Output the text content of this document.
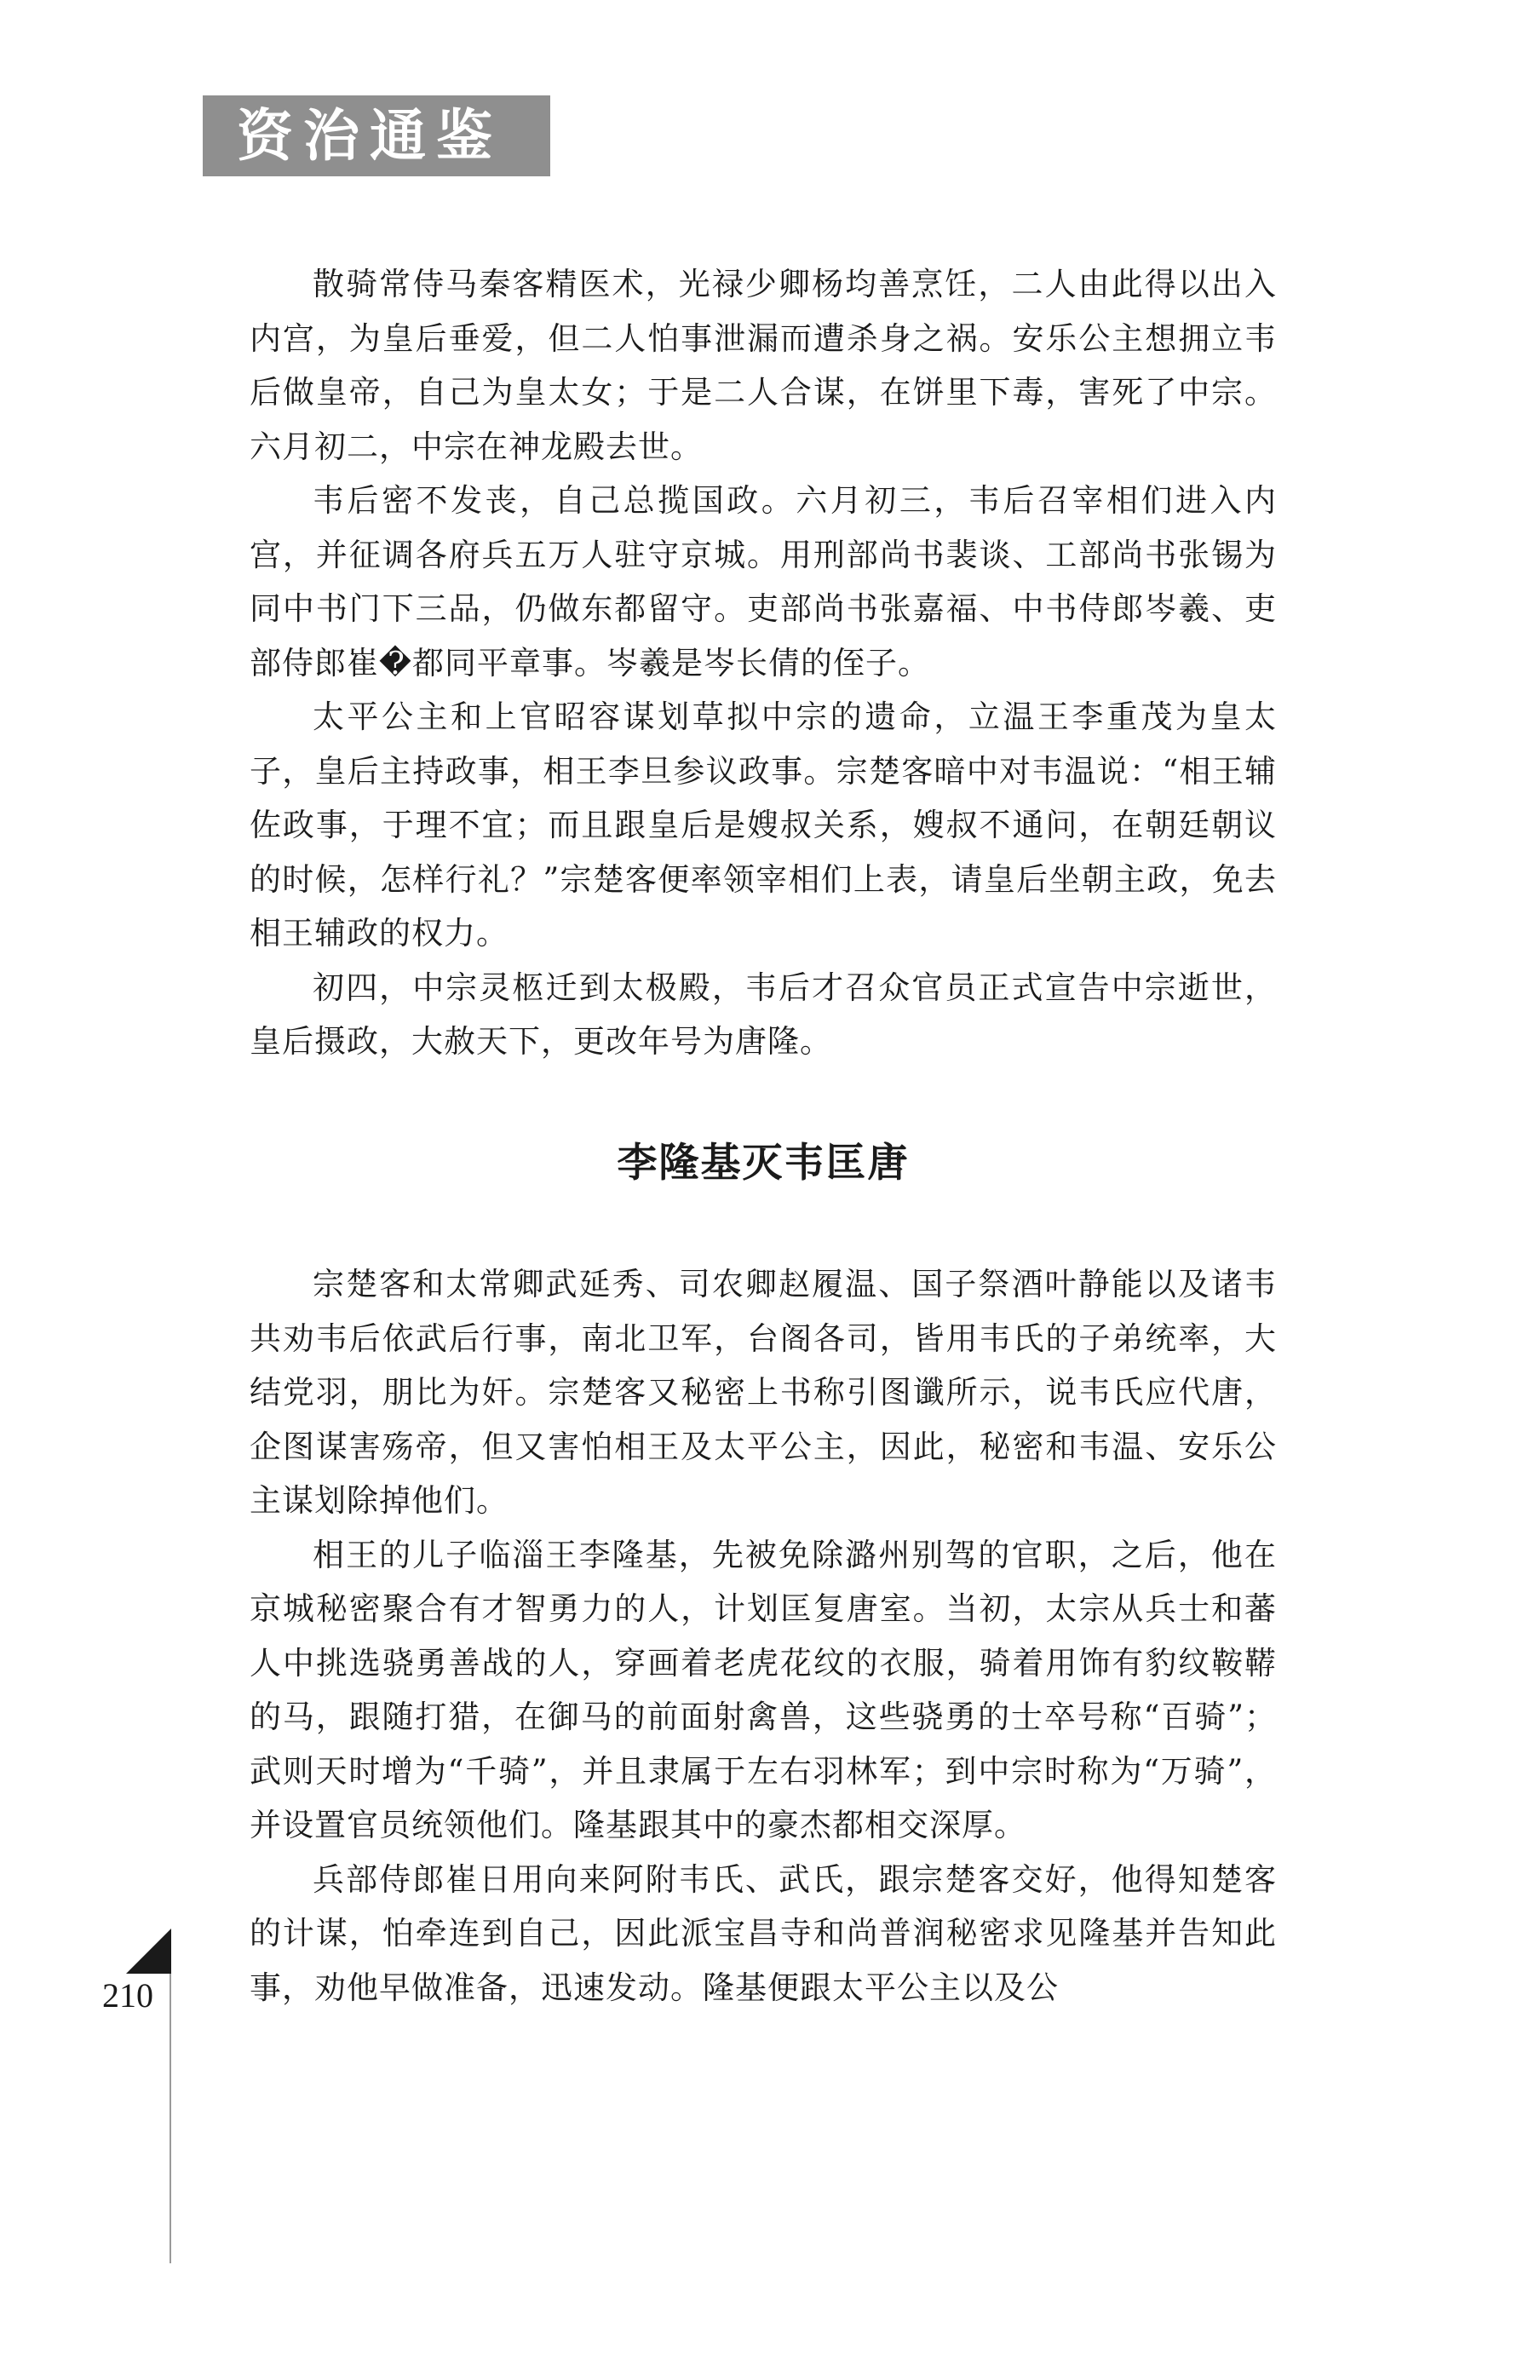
资治通鉴

散骑常侍马秦客精医术，光禄少卿杨均善烹饪，二人由此得以出入内宫，为皇后垂爱，但二人怕事泄漏而遭杀身之祸。安乐公主想拥立韦后做皇帝，自己为皇太女；于是二人合谋，在饼里下毒，害死了中宗。六月初二，中宗在神龙殿去世。

韦后密不发丧，自己总揽国政。六月初三，韦后召宰相们进入内宫，并征调各府兵五万人驻守京城。用刑部尚书裴谈、工部尚书张锡为同中书门下三品，仍做东都留守。吏部尚书张嘉福、中书侍郎岑羲、吏部侍郎崔�都同平章事。岑羲是岑长倩的侄子。

太平公主和上官昭容谋划草拟中宗的遗命，立温王李重茂为皇太子，皇后主持政事，相王李旦参议政事。宗楚客暗中对韦温说：“相王辅佐政事，于理不宜；而且跟皇后是嫂叔关系，嫂叔不通问，在朝廷朝议的时候，怎样行礼？”宗楚客便率领宰相们上表，请皇后坐朝主政，免去相王辅政的权力。

初四，中宗灵柩迁到太极殿，韦后才召众官员正式宣告中宗逝世，皇后摄政，大赦天下，更改年号为唐隆。

李隆基灭韦匡唐

宗楚客和太常卿武延秀、司农卿赵履温、国子祭酒叶静能以及诸韦共劝韦后依武后行事，南北卫军，台阁各司，皆用韦氏的子弟统率，大结党羽，朋比为奸。宗楚客又秘密上书称引图谶所示，说韦氏应代唐，企图谋害殇帝，但又害怕相王及太平公主，因此，秘密和韦温、安乐公主谋划除掉他们。

相王的儿子临淄王李隆基，先被免除潞州别驾的官职，之后，他在京城秘密聚合有才智勇力的人，计划匡复唐室。当初，太宗从兵士和蕃人中挑选骁勇善战的人，穿画着老虎花纹的衣服，骑着用饰有豹纹鞍鞯的马，跟随打猎，在御马的前面射禽兽，这些骁勇的士卒号称“百骑”；武则天时增为“千骑”，并且隶属于左右羽林军；到中宗时称为“万骑”，并设置官员统领他们。隆基跟其中的豪杰都相交深厚。

兵部侍郎崔日用向来阿附韦氏、武氏，跟宗楚客交好，他得知楚客的计谋，怕牵连到自己，因此派宝昌寺和尚普润秘密求见隆基并告知此事，劝他早做准备，迅速发动。隆基便跟太平公主以及公

210
